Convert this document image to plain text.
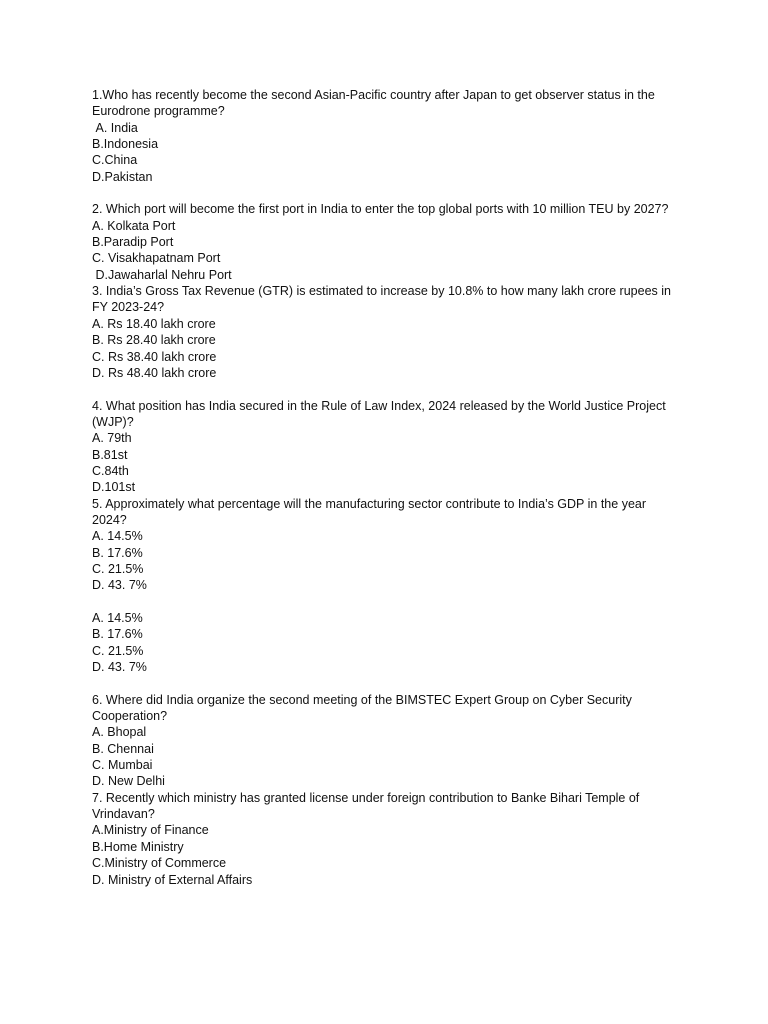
1.Who has recently become the second Asian-Pacific country after Japan to get observer status in the Eurodrone programme?
A. India
B.Indonesia
C.China
D.Pakistan
2. Which port will become the first port in India to enter the top global ports with 10 million TEU by 2027?
A. Kolkata Port
B.Paradip Port
C. Visakhapatnam Port
D.Jawaharlal Nehru Port
3. India’s Gross Tax Revenue (GTR) is estimated to increase by 10.8% to how many lakh crore rupees in FY 2023-24?
A. Rs 18.40 lakh crore
B. Rs 28.40 lakh crore
C. Rs 38.40 lakh crore
D. Rs 48.40 lakh crore
4. What position has India secured in the Rule of Law Index, 2024 released by the World Justice Project (WJP)?
A. 79th
B.81st
C.84th
D.101st
5. Approximately what percentage will the manufacturing sector contribute to India’s GDP in the year 2024?
A. 14.5%
B. 17.6%
C. 21.5%
D. 43. 7%
A. 14.5%
B. 17.6%
C. 21.5%
D. 43. 7%
6. Where did India organize the second meeting of the BIMSTEC Expert Group on Cyber Security Cooperation?
A. Bhopal
B. Chennai
C. Mumbai
D. New Delhi
7. Recently which ministry has granted license under foreign contribution to Banke Bihari Temple of Vrindavan?
A.Ministry of Finance
B.Home Ministry
C.Ministry of Commerce
D. Ministry of External Affairs
